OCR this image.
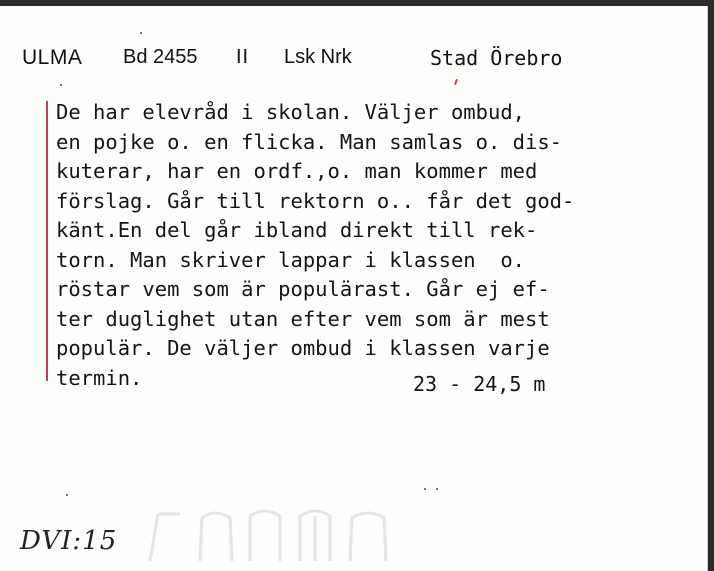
ULMA Bd 2455 II Lsk Nrk	Stad Örebro
De har elevråd i skolan. Väljer ombud,
en pojke o. en flicka. Man samlas o. dis-
kuterar, har en ordf.,o. man kommer med
förslag. Går till rektorn o.. får det god-
känt.En del går ibland direkt till rek-
torn. Man skriver lappar i klassen  o.
röstar vem som är populärast. Går ej ef-
ter duglighet utan efter vem som är mest
populär. De väljer ombud i klassen varje
termin.	23 - 24,5 m
DVI:15
